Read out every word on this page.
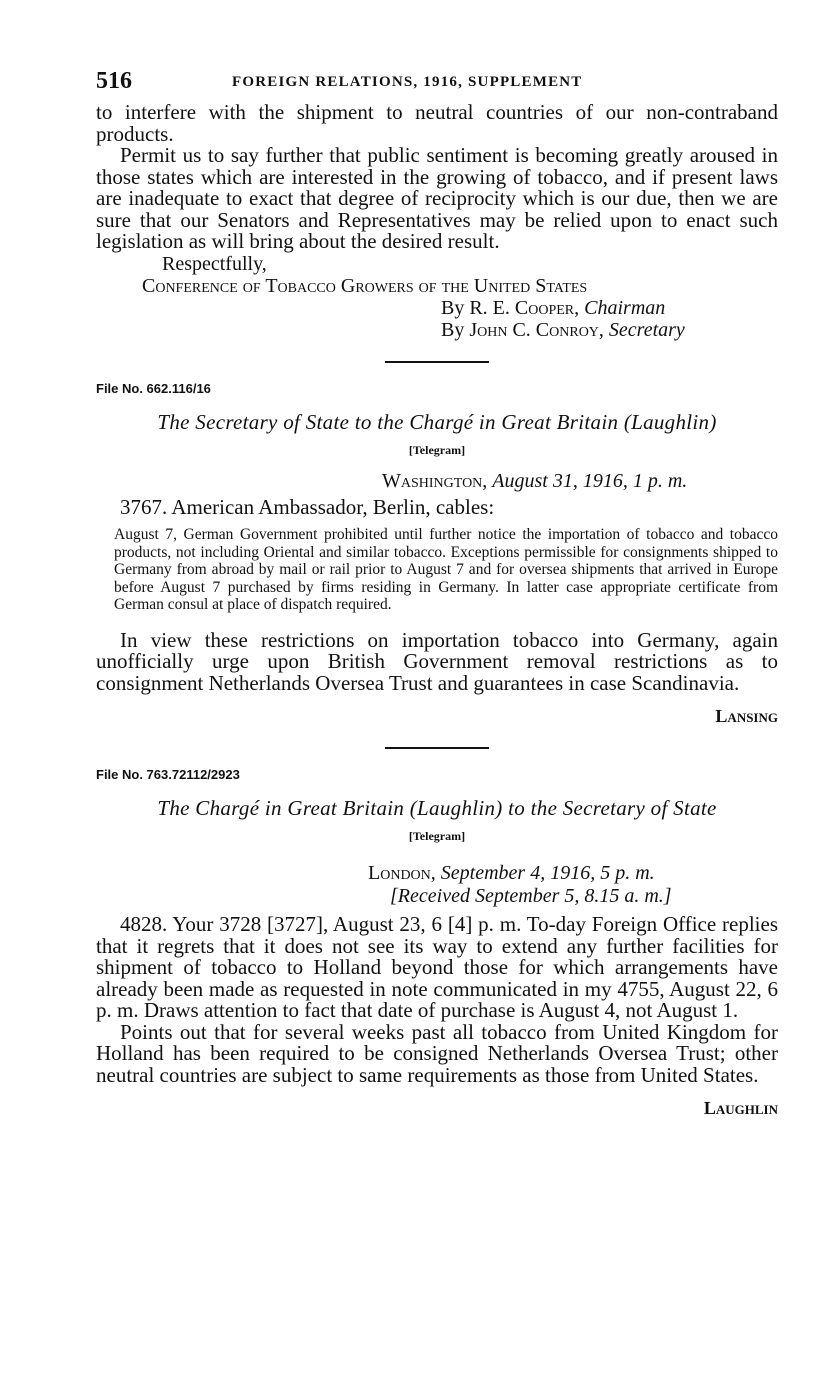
516	FOREIGN RELATIONS, 1916, SUPPLEMENT

to interfere with the shipment to neutral countries of our non-contraband products.

Permit us to say further that public sentiment is becoming greatly aroused in those states which are interested in the growing of tobacco, and if present laws are inadequate to exact that degree of reciprocity which is our due, then we are sure that our Senators and Representatives may be relied upon to enact such legislation as will bring about the desired result.

Respectfully,

Conference of Tobacco Growers of the United States

By R. E. Cooper, Chairman

By John C. Conroy, Secretary

File No. 662.116/16

The Secretary of State to the Chargé in Great Britain (Laughlin)

[Telegram]

Washington, August 31, 1916, 1 p. m.

3767. American Ambassador, Berlin, cables:

August 7, German Government prohibited until further notice the importation of tobacco and tobacco products, not including Oriental and similar tobacco. Exceptions permissible for consignments shipped to Germany from abroad by mail or rail prior to August 7 and for oversea shipments that arrived in Europe before August 7 purchased by firms residing in Germany. In latter case appropriate certificate from German consul at place of dispatch required.

In view these restrictions on importation tobacco into Germany, again unofficially urge upon British Government removal restrictions as to consignment Netherlands Oversea Trust and guarantees in case Scandinavia.

Lansing

File No. 763.72112/2923

The Chargé in Great Britain (Laughlin) to the Secretary of State

[Telegram]

London, September 4, 1916, 5 p. m.

[Received September 5, 8.15 a. m.]

4828. Your 3728 [3727], August 23, 6 [4] p. m. To-day Foreign Office replies that it regrets that it does not see its way to extend any further facilities for shipment of tobacco to Holland beyond those for which arrangements have already been made as requested in note communicated in my 4755, August 22, 6 p. m. Draws attention to fact that date of purchase is August 4, not August 1.

Points out that for several weeks past all tobacco from United Kingdom for Holland has been required to be consigned Netherlands Oversea Trust; other neutral countries are subject to same requirements as those from United States.

Laughlin
